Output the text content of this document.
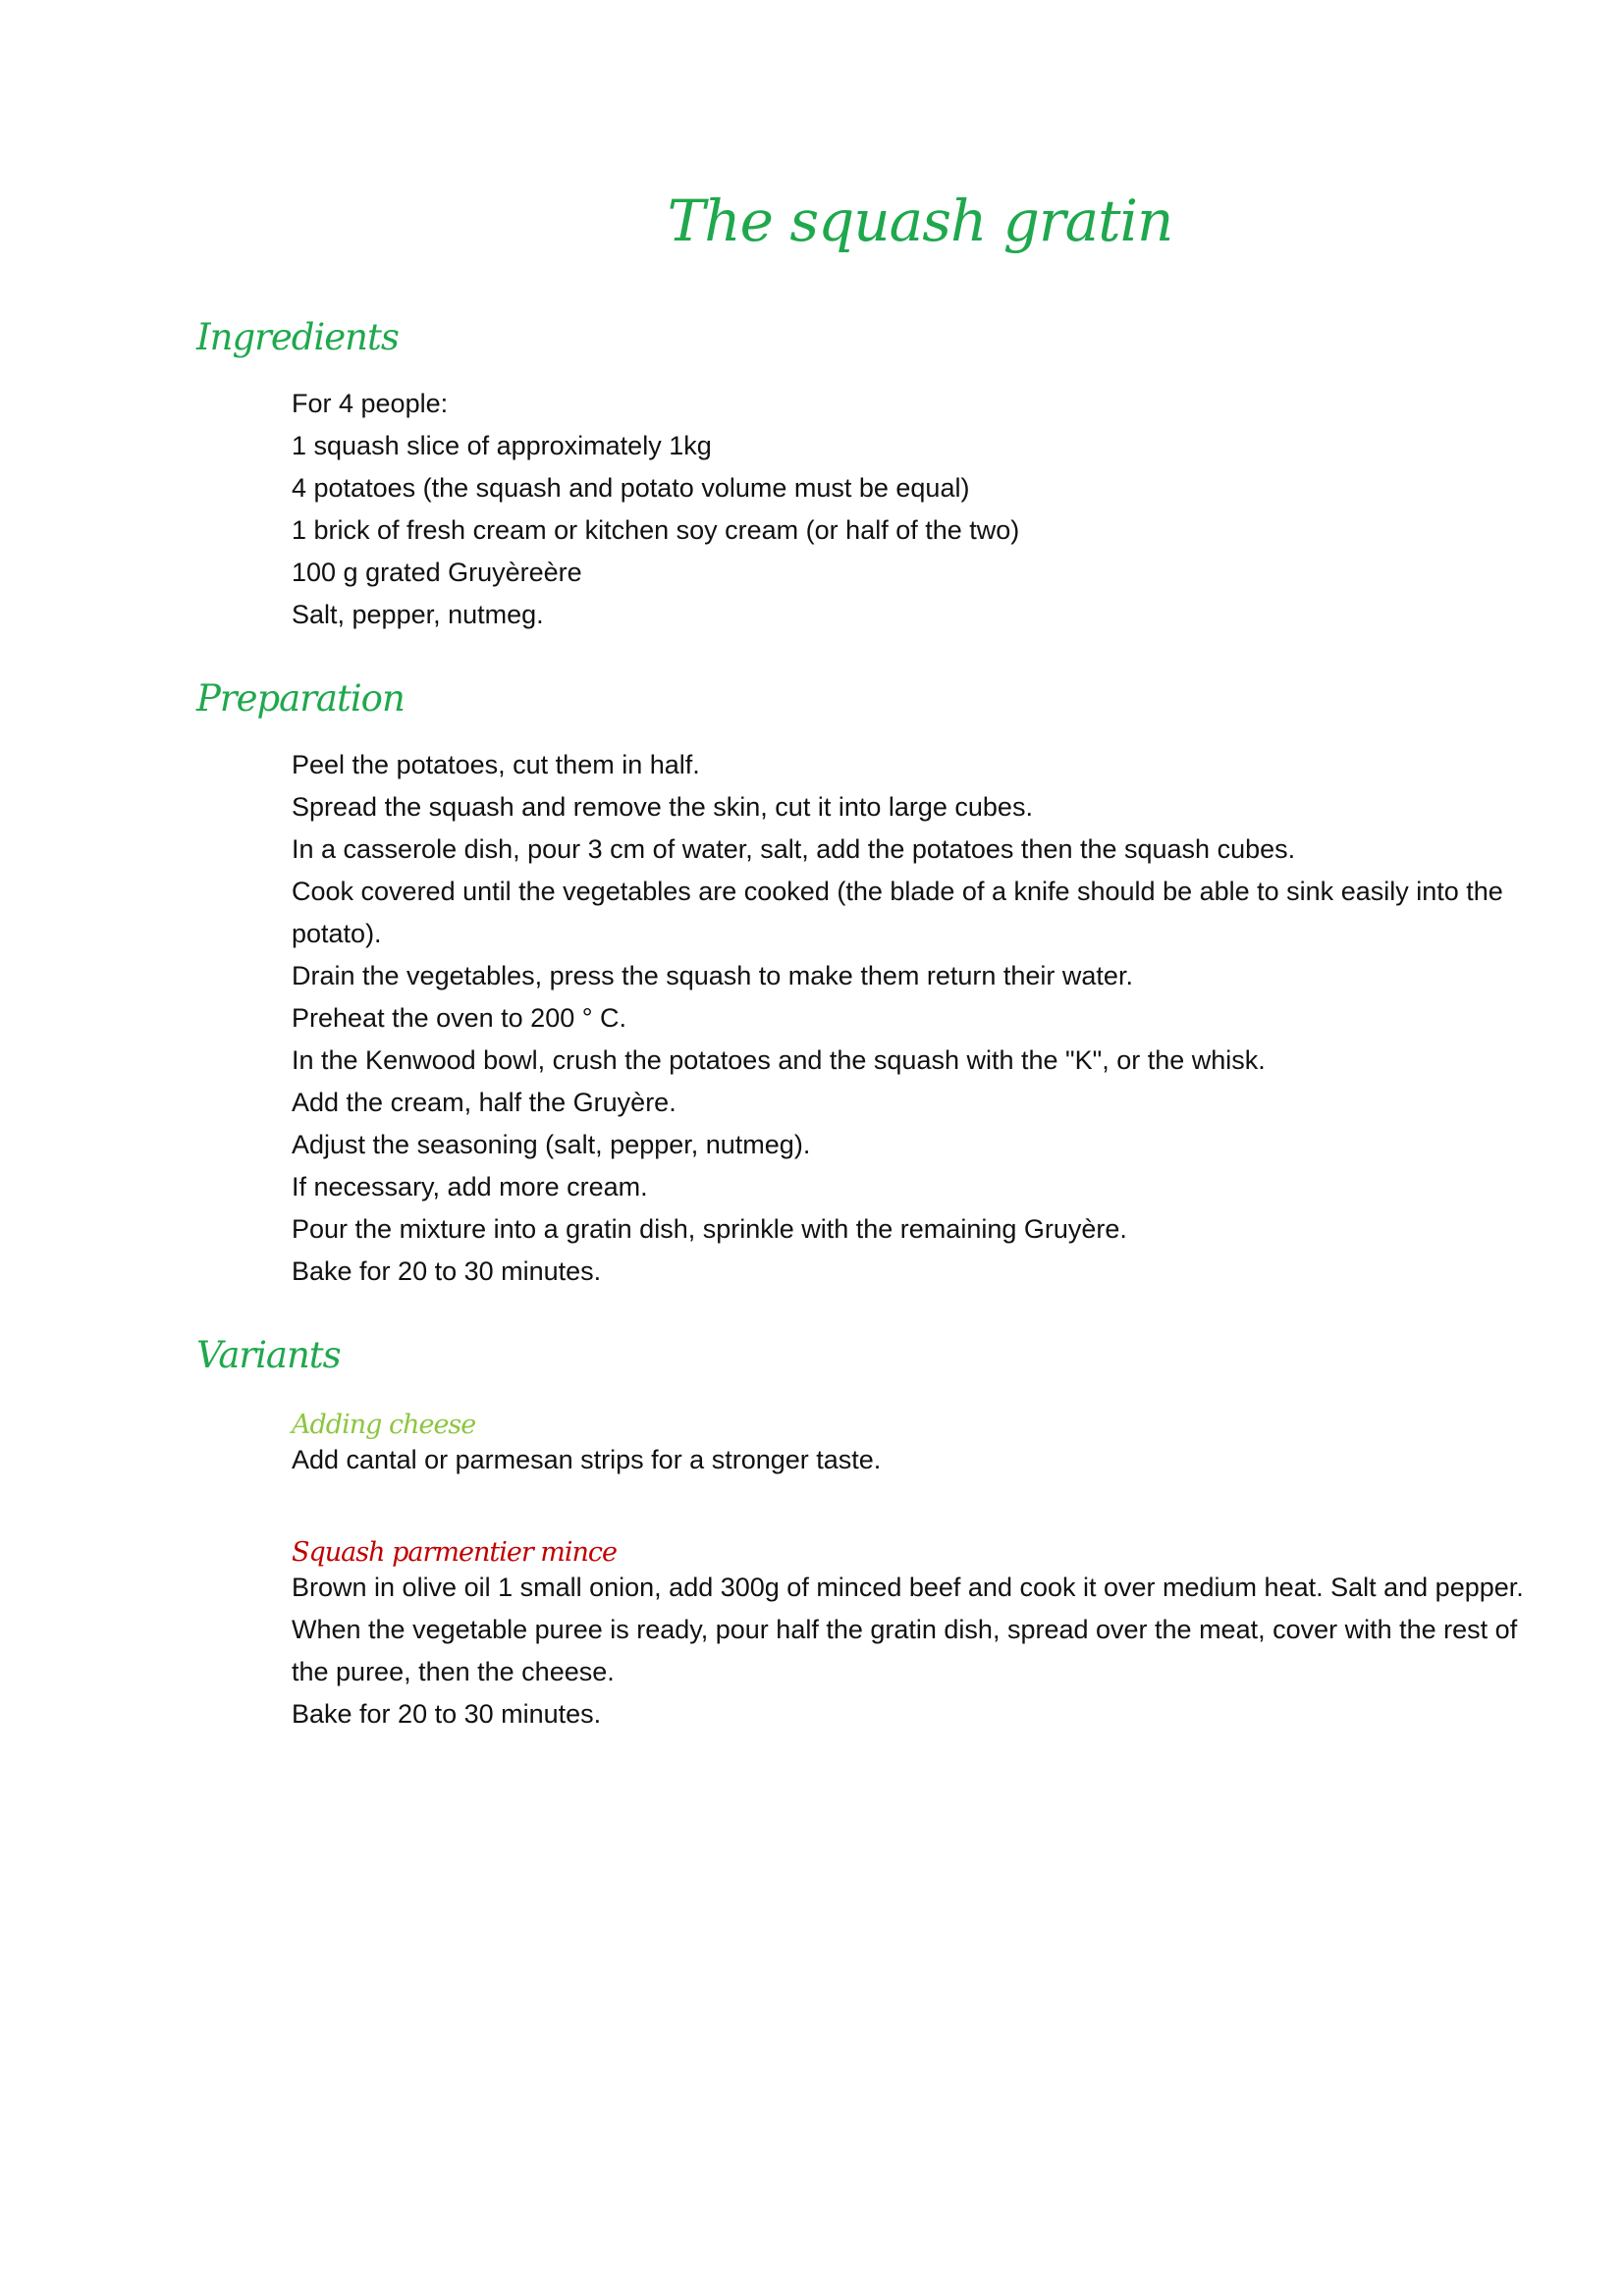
The squash gratin
Ingredients
For 4 people:
1 squash slice of approximately 1kg
4 potatoes (the squash and potato volume must be equal)
1 brick of fresh cream or kitchen soy cream (or half of the two)
100 g grated Gruyèreère
Salt, pepper, nutmeg.
Preparation
Peel the potatoes, cut them in half.
Spread the squash and remove the skin, cut it into large cubes.
In a casserole dish, pour 3 cm of water, salt, add the potatoes then the squash cubes.
Cook covered until the vegetables are cooked (the blade of a knife should be able to sink easily into the potato).
Drain the vegetables, press the squash to make them return their water.
Preheat the oven to 200 ° C.
In the Kenwood bowl, crush the potatoes and the squash with the "K", or the whisk.
Add the cream, half the Gruyère.
Adjust the seasoning (salt, pepper, nutmeg).
If necessary, add more cream.
Pour the mixture into a gratin dish, sprinkle with the remaining Gruyère.
Bake for 20 to 30 minutes.
Variants
Adding cheese
Add cantal or parmesan strips for a stronger taste.
Squash parmentier mince
Brown in olive oil 1 small onion, add 300g of minced beef and cook it over medium heat. Salt and pepper.
When the vegetable puree is ready, pour half the gratin dish, spread over the meat, cover with the rest of the puree, then the cheese.
Bake for 20 to 30 minutes.
